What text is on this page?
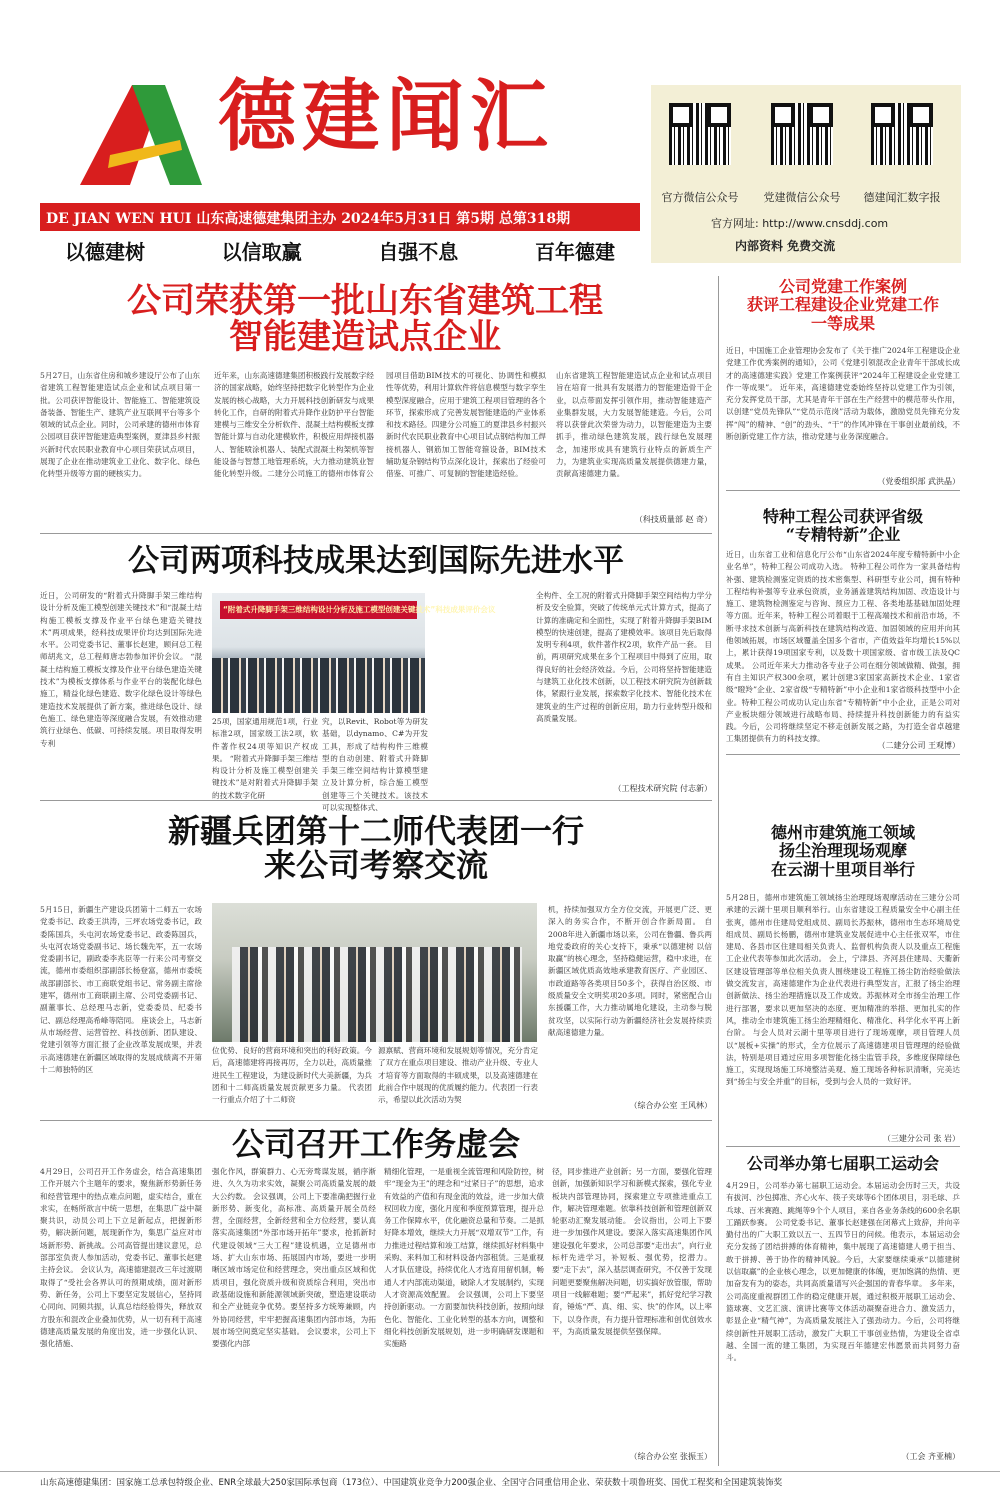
德建闻汇
DE JIAN WEN HUI 山东高速德建集团主办 2024年5月31日 第5期 总第318期
以德建树	以信取赢	自强不息	百年德建
官方微信公众号	党建微信公众号	德建闻汇数字报
官方网址: http://www.cnsddj.com
内部资料 免费交流
公司荣获第一批山东省建筑工程
智能建造试点企业
5月27日，山东省住房和城乡建设厅公布了山东省建筑工程智能建造试点企业和试点项目第一批。公司获评智能设计、智能施工、智能建筑设备装备、智能生产、建筑产业互联网平台等多个领域的试点企业。同时，公司承建的德州市体育公园项目获评智能建造典型案例，夏津县乡村振兴新时代农民职业教育中心项目荣获试点项目，展现了企业在推动建筑业工业化、数字化、绿色化转型升级等方面的硬核实力。
近年来，山东高速德建集团积极践行发展数字经济的国家战略，始终坚持把数字化转型作为企业发展的核心战略，大力开展科技创新研发与成果转化工作，自研的附着式升降作业防护平台智能建模与三维安全分析软件、混凝土结构模板支撑智能计算与自动化建模软件，积极应用焊接机器人、智能喷涂机器人、装配式混凝土构架机等智能设备与智慧工地管理系统，大力推动建筑业智能化转型升级。二建分公司施工的德州市体育公
园项目借助BIM技术的可视化、协调性和模拟性等优势，利用计算软件将信息模型与数字孪生模型深度融合，应用于建筑工程项目管理的各个环节，探索形成了完善发展智能建造的产业体系和技术路径。四建分公司施工的夏津县乡村振兴新时代农民职业教育中心项目试点钢结构加工焊接机器人、钢筋加工智能弯箍设备，BIM技术辅助复杂钢结构节点深化设计，探索出了经验可借鉴、可推广、可复制的智能建造经验。
山东省建筑工程智能建造试点企业和试点项目旨在培育一批具有发展潜力的智能建造骨干企业，以点带面发挥引领作用，推动智能建造产业集群发展，大力发展智能建造。今后，公司将以获誉此次荣誉为动力，以智能建造为主要抓手，推动绿色建筑发展，践行绿色发展理念，加速形成具有建筑行业特点的新质生产力，为建筑业实现高质量发展提供德建力量，贡献高速德建力量。
（科技质量部 赵 奇）
公司两项科技成果达到国际先进水平
近日，公司研发的“附着式升降脚手架三维结构设计分析及施工模型创建关键技术”和“混凝土结构施工模板支撑及作业平台绿色建造关键技术”两项成果，经科技成果评价均达到国际先进水平。公司党委书记、董事长赵建，顾问总工程师胡兆文，总工程师唐志勃参加评价会议。 “混凝土结构施工模板支撑及作业平台绿色建造关键技术”为模板支撑体系与作业平台的装配化绿色施工，精益化绿色建造、数字化绿色设计等绿色建造技术发展提供了新方案，推进绿色设计、绿色施工、绿色建造等深度融合发展，有效推动建筑行业绿色、低碳、可持续发展。项目取得发明专利
“附着式升降脚手架三维结构设计分析及施工模型创建关键技术”科技成果评价会议
25项，国家通用规范1项，行业标准2项，国家级工法2项，软件著作权24项等知识产权成果。 “附着式升降脚手架三维结构设计分析及施工模型创建关键技术”是对附着式升降脚手架的技术数字化研
究，以Revit、Robot等为研发基础，以dynamo、C#为开发工具，形成了结构构件三维模型的自动创建、附着式升降脚手架三维空间结构计算模型建立及计算分析，综合施工模型创建等三个关键技术。该技术可以实现整体式、
全构件、全工况的附着式升降脚手架空间结构力学分析及安全验算，突破了传统单元式计算方式，提高了计算的准确定和全面性，实现了附着升降脚手架BIM模型的快速创建，提高了建模效率。该项目先后取得发明专利4项，软件著作权2项，软件产品一套。 目前，两项研究成果在多个工程项目中得到了应用，取得良好的社会经济效益。今后，公司将坚持智能建造与建筑工业化技术创新，以工程技术研究院为创新载体，紧跟行业发展，探索数字化技术、智能化技术在建筑业的生产过程的创新应用，助力行业转型升级和高质量发展。
（工程技术研究院 付志新）
新疆兵团第十二师代表团一行
来公司考察交流
5月15日，新疆生产建设兵团第十二师五一农场党委书记、政委王洪涛，三坪农场党委书记，政委陈国兵，头屯河农场党委书记、政委陈国兵，头屯河农场党委副书记、场长魏先军，五一农场党委副书记，副政委李兆臣等一行来公司考察交流，德州市委组织部副部长杨登富，德州市委统战部副部长、市工商联党组书记、常务副主席徐建军，德州市工商联副主席、公司党委副书记、副董事长、总经理马志新，党委委员、纪委书记、副总经理高希峰等陪同。 座谈会上，马志新从市场经营、运营管控、科技创新、团队建设、党建引领等方面汇报了企业改革发展成果，并表示高速德建在新疆区域取得的发展成绩离不开第十二师独特的区
位优势、良好的营商环境和突出的利好政策。今后，高速德建将再接再厉，全力以赴，高质量推进民生工程建设，为建设新时代大美新疆，为兵团和十二师高质量发展贡献更多力量。 代表团一行重点介绍了十二师资
源禀赋、营商环境和发展规划等情况，充分肯定了双方在重点项目建设、推动产业升级、专业人才培育等方面取得的丰硕成果，以及高速德建在此前合作中展现的优质履约能力。代表团一行表示，希望以此次活动为契
机，持续加强双方全方位交流，开展更广泛、更深入的务实合作，不断开创合作新局面。 自2008年进入新疆市场以来，公司在鲁疆、鲁兵两地党委政府的关心支持下，秉承“以德建树 以信取赢”的核心理念，坚持稳健运营，稳中求进，在新疆区域优质高效地承建教育医疗、产业园区、市政道路等各类项目50多个，获得自治区级、市级质量安全文明奖项20多项。同时，紧密配合山东援疆工作，大力推动属地化建设，主动参与脱贫攻坚，以实际行动为新疆经济社会发展持续贡献高速德建力量。
（综合办公室 王风林）
公司召开工作务虚会
4月29日，公司召开工作务虚会，结合高速集团工作开展六个主题年的要求，聚焦新形势新任务和经营管理中的热点难点问题，虚实结合，重在求实，在畅所欲言中统一思想，在集思广益中凝聚共识，动员公司上下立足新起点，把握新形势，解决新问题，展现新作为，集思广益应对市场新形势、新挑战。公司高管提出建议意见，总部部室负责人参加活动，党委书记、董事长赵建主持会议。 会议认为，高速德建混改三年过渡期取得了“受社会各界认可的预期成绩，面对新形势、新任务，公司上下要坚定发展信心，坚持同心同向、同频共振，认真总结经验得失，释放双方股东和混改企业叠加优势，从一切有利于高速德建高质量发展的角度出发，进一步强化认识、强化措施、
强化作风，群策群力、心无旁骛谋发展，循序渐进、久久为功求实效，凝聚公司高质量发展的最大公约数。 会议强调，公司上下要准确把握行业新形势、新变化，高标准、高质量开展全员经营，全面经营，全新经营和全方位经营，要认真落实高速集团“外部市场开拓年”要求，抢抓新时代建设领域“三大工程”建设机遇，立足德州市场、扩大山东市场、拓展国内市场，要进一步明晰区域市场定位和经营理念，突出重点区域和优质项目，强化资质升级和资质综合利用，突出市政基础设施和新能源领域新突破，塑造建设联动和全产业链竞争优势。要坚持多方统筹兼顾，内外协同经营，牢牢把握高速集团内部市场，为拓展市场空间奠定坚实基础。 会议要求，公司上下要强化内部
精细化管理，一是重视全流管理和风险防控，树牢“现金为王”的理念和“过紧日子”的思想，追求有效益的产值和有现金流的效益，进一步加大债权回收力度，强化月度和季度预算管理，提升总务工作保障水平，优化融资总量和节奏。二是抓好降本增效，继续大力开展“双增双节”工作，有力推进过程结算和竣工结算，继续抓好材料集中采购、来料加工和材料设备内部租赁。三是重视人才队伍建设，持续优化人才选育用留机制，畅通人才内部流动渠道，破除人才发展制约，实现人才资源高效配置。 会议强调，公司上下要坚持创新驱动。一方面要加快科技创新，按照向绿色化、智能化、工业化转型的基本方向，调整和细化科技创新发展规划，进一步明确研发课题和实施路
径，同步推进产业创新；另一方面，要强化管理创新，加强新知识学习和新模式探索，强化专业板块内部管理协同，探索建立专项推进重点工作，解决管理难题。依靠科技创新和管理创新双轮驱动汇聚发展动能。 会议指出，公司上下要进一步加强作风建设。要深入落实高速集团作风建设强化年要求，公司总部要“走出去”，向行业标杆先进学习，补短板、强优势，挖潜力。要“走下去”，深入基层调查研究，不仅善于发现问题更要聚焦解决问题，切实搞好放管服，帮助项目一线解难题；要“严起来”，抓好党纪学习教育，锤炼“严、真、细、实、快”的作风，以上率下，以身作责，有力提升管理标准和创优创效水平，为高质量发展提供坚强保障。
（综合办公室 张振玉）
公司党建工作案例
获评工程建设企业党建工作
一等成果
近日，中国施工企业管理协会发布了《关于推广2024年工程建设企业党建工作优秀案例的通知》，公司《党建引领混改企业青年干部成长成才的高速德建实践》党建工作案例获评“2024年工程建设企业党建工作一等成果”。 近年来，高速德建党委始终坚持以党建工作为引领，充分发挥党员干部，尤其是青年干部在生产经营中的模范带头作用，以创建“党员先锋队”“党员示范岗”活动为载体，激励党员先锋充分发挥“闯”的精神、“创”的劲头、“干”的作风冲锋在干事创业最前线，不断创新党建工作方法，推动党建与业务深度融合。
（党委组织部 武洪晶）
特种工程公司获评省级
“专精特新”企业
近日，山东省工业和信息化厅公布“山东省2024年度专精特新中小企业名单”，特种工程公司成功入选。 特种工程公司作为一家具备结构补强、建筑检测鉴定资质的技术密集型、科研型专业公司，拥有特种工程结构补强等专业承包资质，业务涵盖建筑结构加固、改造设计与施工、建筑物检测鉴定与咨询、预应力工程、各类地基基础加固处理等方面。近年来，特种工程公司着眼于工程高端技术和前沿市场，不断寻求技术创新与高新科技在建筑结构改造、加固领域的应用并向其他领域拓展，市场区域覆盖全国多个省市，产值效益年均增长15%以上，累计获得19项国家专利，以及数十项国家级、省市级工法及QC成果。 公司近年来大力推动各专业子公司在细分领域做精、做强，拥有自主知识产权300余项，累计创建3家国家高新技术企业、1家省级“瞪羚”企业、2家省级“专精特新”中小企业和1家省级科技型中小企业。特种工程公司成功认定山东省“专精特新”中小企业，正是公司对产业板块细分领域进行战略布局、持续提升科技创新能力的有益实践。今后，公司将继续坚定不移走创新发展之路，为打造全省卓越建工集团提供有力的科技支撑。
（二建分公司 王观博）
德州市建筑施工领域
扬尘治理现场观摩
在云湖十里项目举行
5月28日，德州市建筑施工领域扬尘治理现场观摩活动在三建分公司承建的云湖十里项目顺利举行。山东省建设工程质量安全中心副主任张爽，德州市住建局党组成员、副局长苏振林，德州市生态环境局党组成员、副局长杨鹏，德州市建筑业发展促进中心主任张双军，市住建局、各县市区住建局相关负责人、监督机构负责人以及重点工程施工企业代表等参加此次活动。 会上，宁津县、齐河县住建局、天衢新区建设管理部等单位相关负责人围绕建设工程施工扬尘防治经验做法做交流发言，高速德建作为企业代表进行典型发言，汇报了扬尘治理创新做法、扬尘治理措施以及工作成效。苏振林对全市扬尘治理工作进行部署，要求以更加坚决的态度、更加精准的举措、更加扎实的作风，推动全市建筑施工扬尘治理精细化、精准化、科学化水平再上新台阶。 与会人员对云湖十里等项目进行了现场观摩，项目管理人员以“展板+实操”的形式，全方位展示了高速德建项目管理理的经验做法，特别是项目通过应用多项智能化扬尘监管手段，多维度保障绿色施工，实现现场施工环境整洁美观、施工现场各种标识清晰，完美达到“扬尘与安全并重”的目标，受到与会人员的一致好评。
（三建分公司 张 岩）
公司举办第七届职工运动会
4月29日，公司举办第七届职工运动会。本届运动会历时三天，共设有拔河、沙包掷准、齐心火车、筷子夹球等6个团体项目，羽毛球、乒乓球、百米赛跑、跳绳等9个个人项目，来自各业务条线的600余名职工踊跃参赛。 公司党委书记、董事长赵建强在闭幕式上致辞，并向辛勤付出的广大职工致以五一、五四节日的问候。他表示，本届运动会充分发扬了团结拼搏的体育精神，集中展现了高速德建人勇于担当、敢于拼搏、善于协作的精神风貌。今后，大家要继续秉承“以德建树 以信取赢”的企业核心理念，以更加健康的体魄，更加饱满的热情、更加奋发有为的姿态，共同高质量谱写兴企强国的青春华章。 多年来，公司高度重视群团工作的稳定健康开展，通过积极开展职工运动会、篮球赛、文艺汇演、演讲比赛等文体活动凝聚奋进合力、激发活力，彰显企业“精气神”，为高质量发展注入了强劲动力。今后，公司将继续创新性开展职工活动，激发广大职工干事创业热情，为建设全省卓越、全国一流的建工集团，为实现百年德建宏伟愿景而共同努力奋斗。
（工会 齐亚楠）
山东高速德建集团：国家施工总承包特级企业、ENR全球最大250家国际承包商（173位）、中国建筑业竞争力200强企业、全国守合同重信用企业、荣获数十项鲁班奖、国优工程奖和全国建筑装饰奖
